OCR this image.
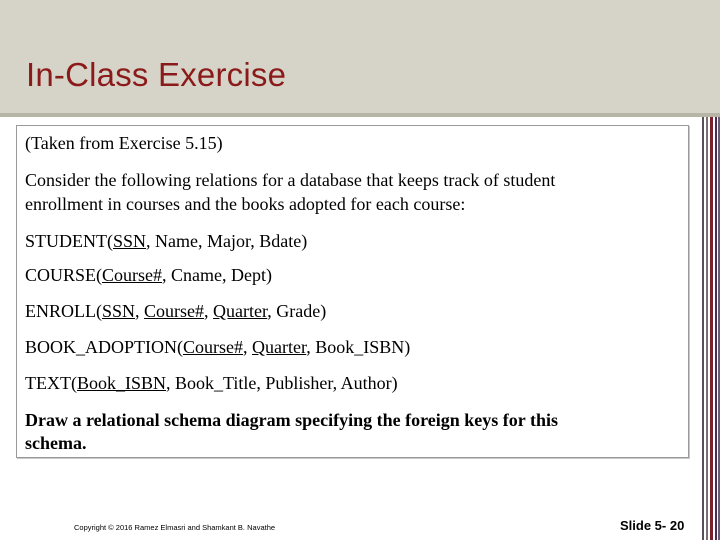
In-Class Exercise
(Taken from Exercise 5.15)
Consider the following relations for a database that keeps track of student
enrollment in courses and the books adopted for each course:
STUDENT(SSN, Name, Major, Bdate)
COURSE(Course#, Cname, Dept)
ENROLL(SSN, Course#, Quarter, Grade)
BOOK_ADOPTION(Course#, Quarter, Book_ISBN)
TEXT(Book_ISBN, Book_Title, Publisher, Author)
Draw a relational schema diagram specifying the foreign keys for this
schema.
Copyright © 2016 Ramez Elmasri and Shamkant B. Navathe	Slide 5- 20
